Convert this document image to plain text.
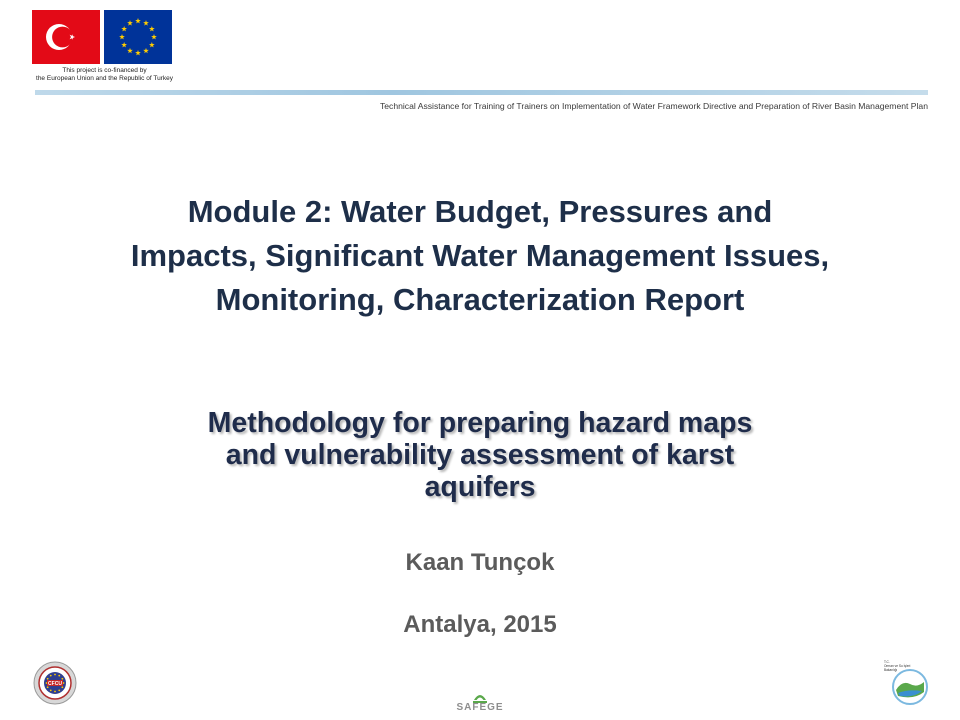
This project is co-financed by
the European Union and the Republic of Turkey
Technical Assistance for Training of Trainers on Implementation of Water Framework Directive and Preparation of River Basin Management Plan
Module 2: Water Budget, Pressures and
Impacts, Significant Water Management Issues,
Monitoring, Characterization Report
Methodology for preparing hazard maps
and vulnerability assessment of karst
aquifers
Kaan Tunçok
Antalya, 2015
CFCU
SAFEGE
T.C.
Orman ve Su İşleri
Bakanlığı
